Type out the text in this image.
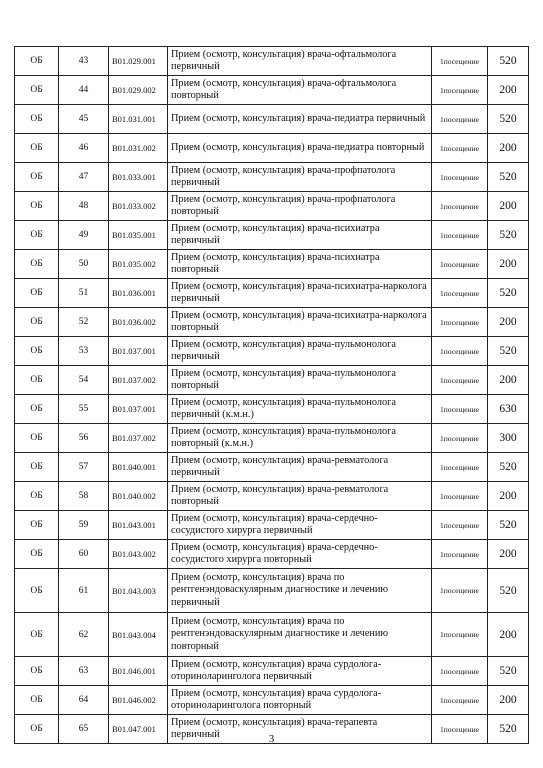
ОБ	43	B01.029.001	Прием (осмотр, консультация) врача-офтальмолога первичный	1посещение	520
ОБ	44	B01.029.002	Прием (осмотр, консультация) врача-офтальмолога повторный	1посещение	200
ОБ	45	B01.031.001	Прием (осмотр, консультация) врача-педиатра первичный	1посещение	520
ОБ	46	B01.031.002	Прием (осмотр, консультация) врача-педиатра повторный	1посещение	200
ОБ	47	B01.033.001	Прием (осмотр, консультация) врача-профпатолога первичный	1посещение	520
ОБ	48	B01.033.002	Прием (осмотр, консультация) врача-профпатолога повторный	1посещение	200
ОБ	49	B01.035.001	Прием (осмотр, консультация) врача-психиатра первичный	1посещение	520
ОБ	50	B01.035.002	Прием (осмотр, консультация) врача-психиатра повторный	1посещение	200
ОБ	51	B01.036.001	Прием (осмотр, консультация) врача-психиатра-нарколога первичный	1посещение	520
ОБ	52	B01.036.002	Прием (осмотр, консультация) врача-психиатра-нарколога повторный	1посещение	200
ОБ	53	B01.037.001	Прием (осмотр, консультация) врача-пульмонолога первичный	1посещение	520
ОБ	54	B01.037.002	Прием (осмотр, консультация) врача-пульмонолога повторный	1посещение	200
ОБ	55	B01.037.001	Прием (осмотр, консультация) врача-пульмонолога первичный (к.м.н.)	1посещение	630
ОБ	56	B01.037.002	Прием (осмотр, консультация) врача-пульмонолога повторный (к.м.н.)	1посещение	300
ОБ	57	B01.040.001	Прием (осмотр, консультация) врача-ревматолога первичный	1посещение	520
ОБ	58	B01.040.002	Прием (осмотр, консультация) врача-ревматолога повторный	1посещение	200
ОБ	59	B01.043.001	Прием (осмотр, консультация) врача-сердечно-сосудистого хирурга первичный	1посещение	520
ОБ	60	B01.043.002	Прием (осмотр, консультация) врача-сердечно-сосудистого хирурга повторный	1посещение	200
ОБ	61	B01.043.003	Прием (осмотр, консультация) врача по рентгенэндоваскулярным диагностике и лечению первичный	1посещение	520
ОБ	62	B01.043.004	Прием (осмотр, консультация) врача по рентгенэндоваскулярным диагностике и лечению повторный	1посещение	200
ОБ	63	B01.046.001	Прием (осмотр, консультация) врача сурдолога-оториноларинголога первичный	1посещение	520
ОБ	64	B01.046.002	Прием (осмотр, консультация) врача сурдолога-оториноларинголога повторный	1посещение	200
ОБ	65	B01.047.001	Прием (осмотр, консультация) врача-терапевта первичный	1посещение	520
3
